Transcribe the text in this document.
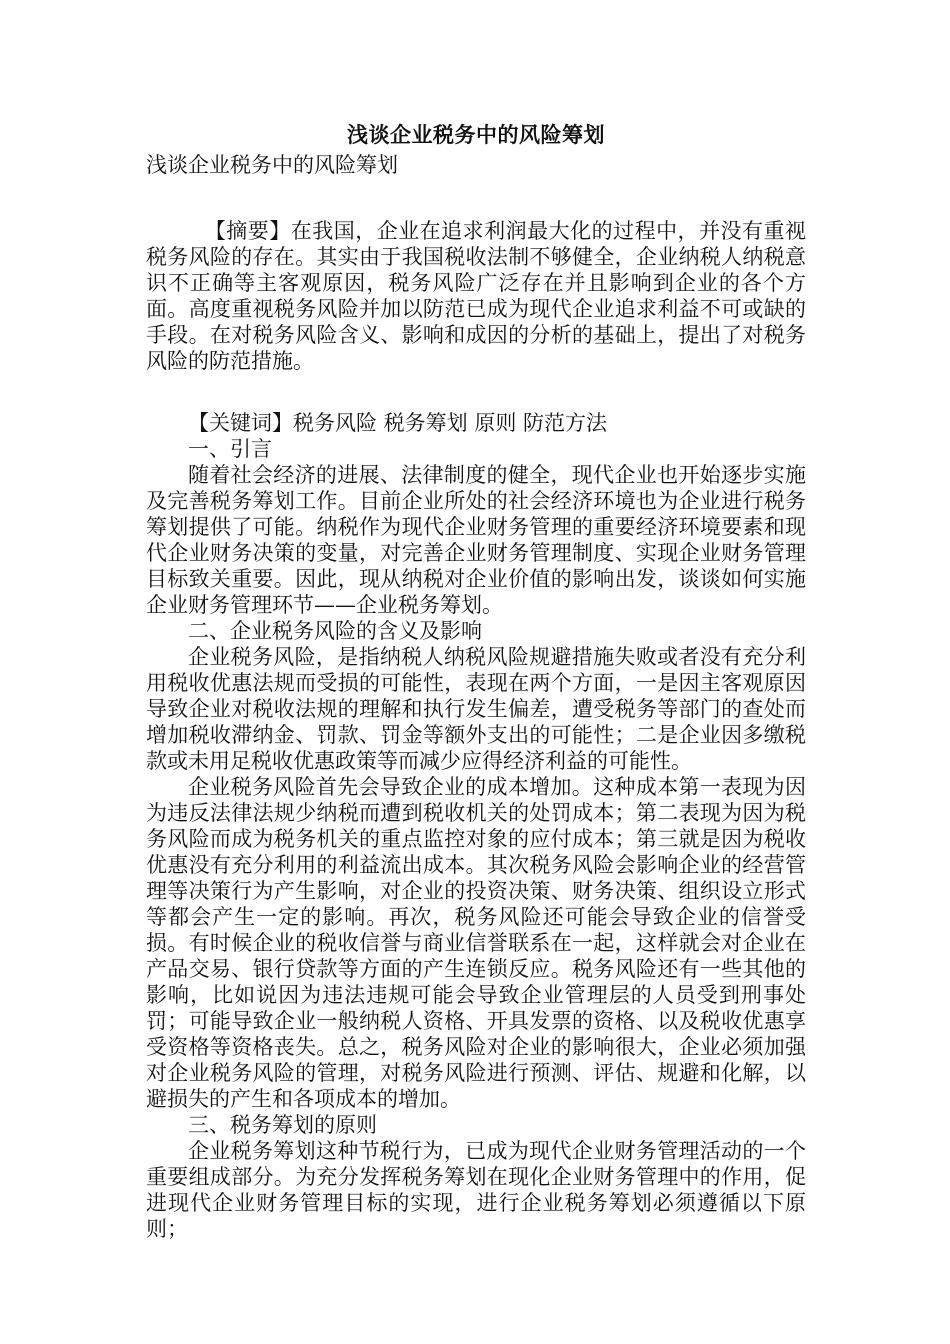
浅谈企业税务中的风险筹划
浅谈企业税务中的风险筹划

【摘要】在我国，企业在追求利润最大化的过程中，并没有重视税务风险的存在。其实由于我国税收法制不够健全，企业纳税人纳税意识不正确等主客观原因，税务风险广泛存在并且影响到企业的各个方面。高度重视税务风险并加以防范已成为现代企业追求利益不可或缺的手段。在对税务风险含义、影响和成因的分析的基础上，提出了对税务风险的防范措施。

【关键词】税务风险 税务筹划 原则 防范方法

一、引言

随着社会经济的进展、法律制度的健全，现代企业也开始逐步实施及完善税务筹划工作。目前企业所处的社会经济环境也为企业进行税务筹划提供了可能。纳税作为现代企业财务管理的重要经济环境要素和现代企业财务决策的变量，对完善企业财务管理制度、实现企业财务管理目标致关重要。因此，现从纳税对企业价值的影响出发，谈谈如何实施企业财务管理环节——企业税务筹划。

二、企业税务风险的含义及影响

企业税务风险，是指纳税人纳税风险规避措施失败或者没有充分利用税收优惠法规而受损的可能性，表现在两个方面，一是因主客观原因导致企业对税收法规的理解和执行发生偏差，遭受税务等部门的查处而增加税收滞纳金、罚款、罚金等额外支出的可能性；二是企业因多缴税款或未用足税收优惠政策等而减少应得经济利益的可能性。

企业税务风险首先会导致企业的成本增加。这种成本第一表现为因为违反法律法规少纳税而遭到税收机关的处罚成本；第二表现为因为税务风险而成为税务机关的重点监控对象的应付成本；第三就是因为税收优惠没有充分利用的利益流出成本。其次税务风险会影响企业的经营管理等决策行为产生影响，对企业的投资决策、财务决策、组织设立形式等都会产生一定的影响。再次，税务风险还可能会导致企业的信誉受损。有时候企业的税收信誉与商业信誉联系在一起，这样就会对企业在产品交易、银行贷款等方面的产生连锁反应。税务风险还有一些其他的影响，比如说因为违法违规可能会导致企业管理层的人员受到刑事处罚；可能导致企业一般纳税人资格、开具发票的资格、以及税收优惠享受资格等资格丧失。总之，税务风险对企业的影响很大，企业必须加强对企业税务风险的管理，对税务风险进行预测、评估、规避和化解，以避损失的产生和各项成本的增加。

三、税务筹划的原则

企业税务筹划这种节税行为，已成为现代企业财务管理活动的一个重要组成部分。为充分发挥税务筹划在现化企业财务管理中的作用，促进现代企业财务管理目标的实现，进行企业税务筹划必须遵循以下原则；
